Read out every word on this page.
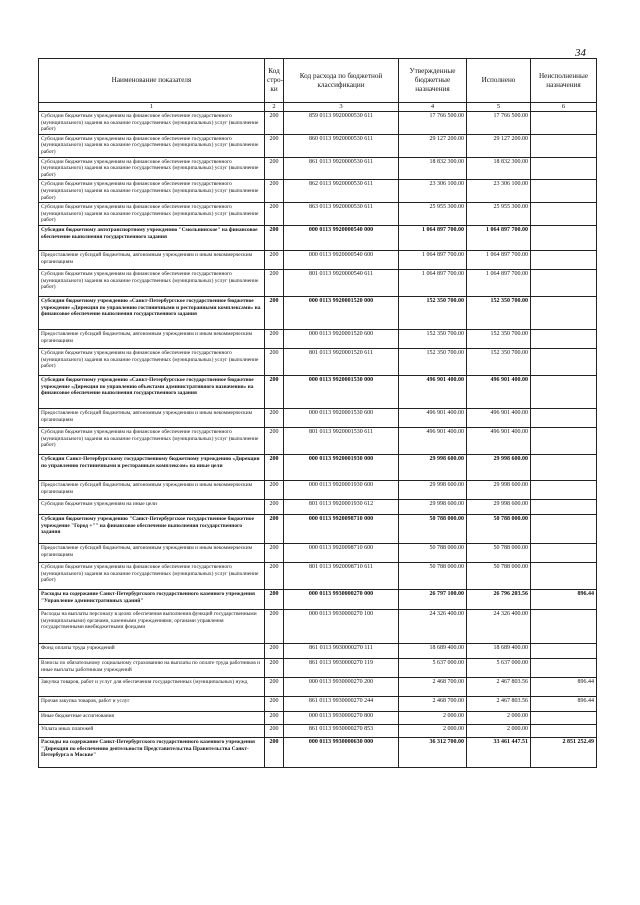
34
Наименование показателя	Код стро-ки	Код расхода по бюджетной классификации	Утвержденные бюджетные назначения	Исполнено	Неисполненные назначения
1	2	3	4	5	6
Субсидии бюджетным учреждениям на финансовое обеспечение государственного (муниципального) задания на оказание государственных (муниципальных) услуг (выполнение работ)	200	859 0113 9920000530 611	17 766 500.00	17 766 500.00	
Субсидии бюджетным учреждениям на финансовое обеспечение государственного (муниципального) задания на оказание государственных (муниципальных) услуг (выполнение работ)	200	860 0113 9920000530 611	29 127 200.00	29 127 200.00	
Субсидии бюджетным учреждениям на финансовое обеспечение государственного (муниципального) задания на оказание государственных (муниципальных) услуг (выполнение работ)	200	861 0113 9920000530 611	18 832 300.00	18 832 300.00	
Субсидии бюджетным учреждениям на финансовое обеспечение государственного (муниципального) задания на оказание государственных (муниципальных) услуг (выполнение работ)	200	862 0113 9920000530 611	23 306 100.00	23 306 100.00	
Субсидии бюджетным учреждениям на финансовое обеспечение государственного (муниципального) задания на оказание государственных (муниципальных) услуг (выполнение работ)	200	863 0113 9920000530 611	25 955 300.00	25 955 300.00	
Субсидии бюджетному автотранспортному учреждению "Смольнинское" на финансовое обеспечение выполнения государственного задания	200	000 0113 9920000540 000	1 064 897 700.00	1 064 897 700.00	
Предоставление субсидий бюджетным, автономным учреждениям и иным некоммерческим организациям	200	000 0113 9920000540 600	1 064 897 700.00	1 064 897 700.00	
Субсидии бюджетным учреждениям на финансовое обеспечение государственного (муниципального) задания на оказание государственных (муниципальных) услуг (выполнение работ)	200	801 0113 9920000540 611	1 064 897 700.00	1 064 897 700.00	
Субсидии бюджетному учреждению «Санкт-Петербургское государственное бюджетное учреждение «Дирекция по управлению гостиничными и ресторанными комплексами» на финансовое обеспечение выполнения государственного задания	200	000 0113 9920001520 000	152 350 700.00	152 350 700.00	
Предоставление субсидий бюджетным, автономным учреждениям и иным некоммерческим организациям	200	000 0113 9920001520 600	152 350 700.00	152 350 700.00	
Субсидии бюджетным учреждениям на финансовое обеспечение государственного (муниципального) задания на оказание государственных (муниципальных) услуг (выполнение работ)	200	801 0113 9920001520 611	152 350 700.00	152 350 700.00	
Субсидии бюджетному учреждению «Санкт-Петербургское государственное бюджетное учреждение «Дирекция по управлению объектами административного назначения» на финансовое обеспечение выполнения государственного задания	200	000 0113 9920001530 000	496 901 400.00	496 901 400.00	
Предоставление субсидий бюджетным, автономным учреждениям и иным некоммерческим организациям	200	000 0113 9920001530 600	496 901 400.00	496 901 400.00	
Субсидии бюджетным учреждениям на финансовое обеспечение государственного (муниципального) задания на оказание государственных (муниципальных) услуг (выполнение работ)	200	801 0113 9920001530 611	496 901 400.00	496 901 400.00	
Субсидии Санкт-Петербургскому государственному бюджетному учреждению «Дирекция по управлению гостиничными и ресторанным комплексом» на иные цели	200	000 0113 9920001930 000	29 998 600.00	29 998 600.00	
Предоставление субсидий бюджетным, автономным учреждениям и иным некоммерческим организациям	200	000 0113 9920001930 600	29 998 600.00	29 998 600.00	
Субсидии бюджетным учреждениям на иные цели	200	801 0113 9920001930 612	29 998 600.00	29 998 600.00	
Субсидии бюджетному учреждению "Санкт-Петербургское государственное бюджетное учреждение "Город +"" на финансовое обеспечение выполнения государственного задания	200	000 0113 9920098710 000	50 788 000.00	50 788 000.00	
Предоставление субсидий бюджетным, автономным учреждениям и иным некоммерческим организациям	200	000 0113 9920098710 600	50 788 000.00	50 788 000.00	
Субсидии бюджетным учреждениям на финансовое обеспечение государственного (муниципального) задания на оказание государственных (муниципальных) услуг (выполнение работ)	200	801 0113 9920098710 611	50 788 000.00	50 788 000.00	
Расходы на содержание Санкт-Петербургского государственного казенного учреждения "Управление административных зданий"	200	000 0113 9930000270 000	26 797 100.00	26 796 203.56	896.44
Расходы на выплаты персоналу в целях обеспечения выполнения функций государственными (муниципальными) органами, казенными учреждениями, органами управления государственными внебюджетными фондами	200	000 0113 9930000270 100	24 326 400.00	24 326 400.00	
Фонд оплаты труда учреждений	200	861 0113 9930000270 111	18 689 400.00	18 689 400.00	
Взносы по обязательному социальному страхованию на выплаты по оплате труда работников и иные выплаты работникам учреждений	200	861 0113 9930000270 119	5 637 000.00	5 637 000.00	
Закупка товаров, работ и услуг для обеспечения государственных (муниципальных) нужд	200	000 0113 9930000270 200	2 468 700.00	2 467 803.56	896.44
Прочая закупка товаров, работ и услуг	200	861 0113 9930000270 244	2 468 700.00	2 467 803.56	896.44
Иные бюджетные ассигнования	200	000 0113 9930000270 800	2 000.00	2 000.00	
Уплата иных платежей	200	861 0113 9930000270 853	2 000.00	2 000.00	
Расходы на содержание Санкт-Петербургского государственного казенного учреждения "Дирекция по обеспечению деятельности Представительства Правительства Санкт-Петербурга в Москве"	200	000 0113 9930000630 000	36 312 700.00	33 461 447.51	2 851 252.49
